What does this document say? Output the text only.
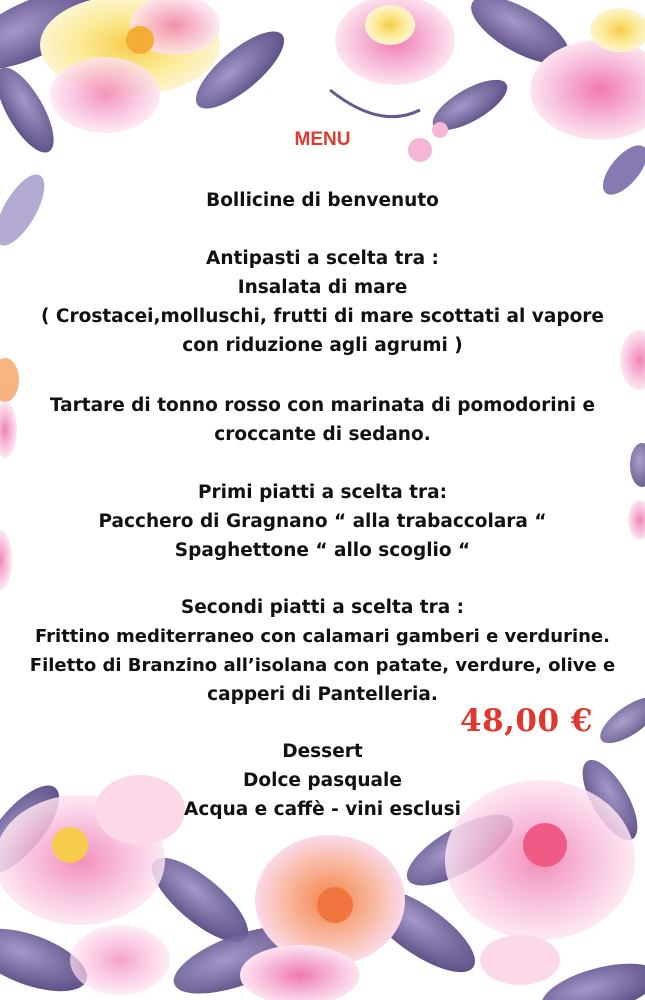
MENU
Bollicine di benvenuto
Antipasti a scelta tra :
Insalata di mare
( Crostacei,molluschi, frutti di mare scottati al vapore
con riduzione agli agrumi )
Tartare di tonno rosso con marinata di pomodorini e
croccante di sedano.
Primi piatti a scelta tra:
Pacchero di Gragnano “ alla trabaccolara “
Spaghettone “ allo scoglio “
Secondi piatti a scelta tra :
Frittino mediterraneo con calamari gamberi e verdurine.
Filetto di Branzino all’isolana con patate, verdure, olive e
capperi di Pantelleria.
48,00 €
Dessert
Dolce pasquale
Acqua e caffè - vini esclusi
